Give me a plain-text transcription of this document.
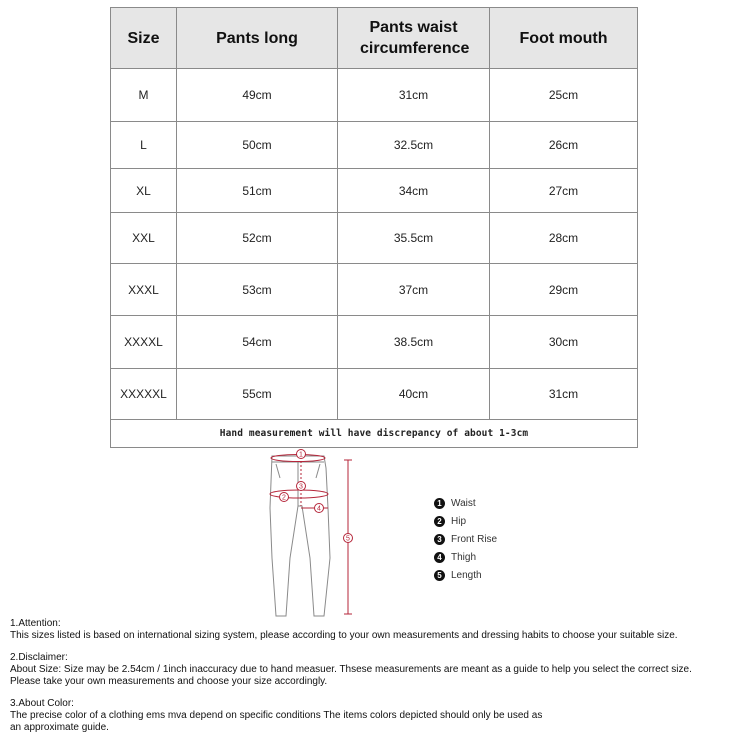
Size	Pants long	Pants waist circumference	Foot mouth
M	49cm	31cm	25cm
L	50cm	32.5cm	26cm
XL	51cm	34cm	27cm
XXL	52cm	35.5cm	28cm
XXXL	53cm	37cm	29cm
XXXXL	54cm	38.5cm	30cm
XXXXXL	55cm	40cm	31cm
Hand measurement will have discrepancy of about 1-3cm			
1
2
3
4
5
1 Waist
2 Hip
3 Front Rise
4 Thigh
5 Length

1.Attention:

This sizes listed is based on international sizing system, please according to your own measurements and dressing habits to choose your suitable size.

2.Disclaimer:

About Size: Size may be 2.54cm / 1inch inaccuracy due to hand measuer. Thsese measurements are meant as a guide to help you select the correct size.

Please take your own measurements and choose your size accordingly.

3.About Color:

The precise color of a clothing ems mva depend on specific conditions The items colors depicted should only be used as

an approximate guide.
